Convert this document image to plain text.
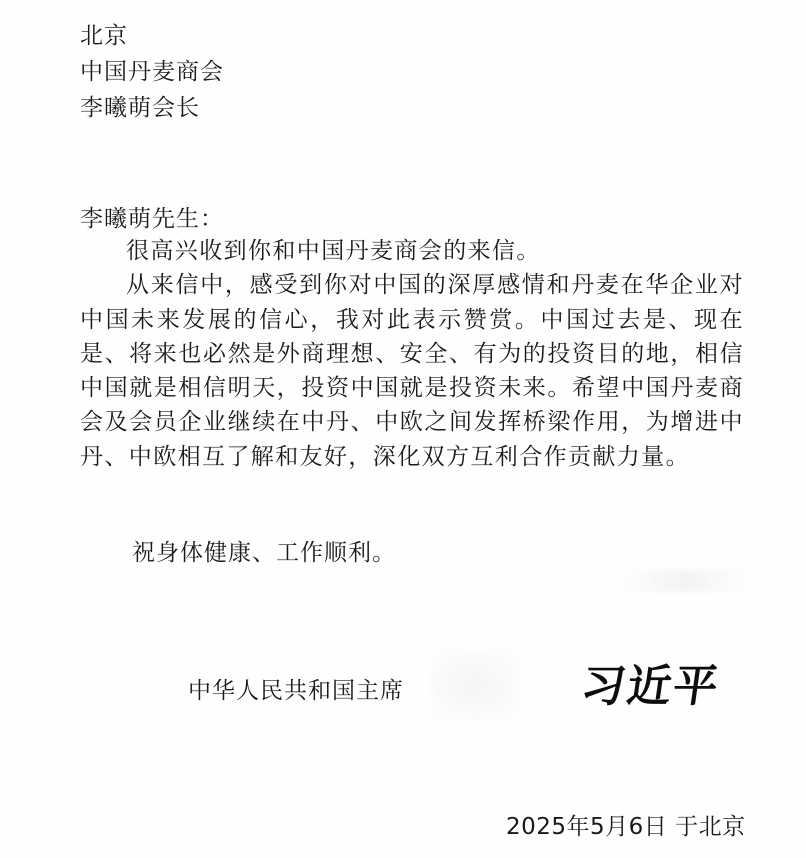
北京
中国丹麦商会
李曦萌会长
李曦萌先生：

很高兴收到你和中国丹麦商会的来信。

从来信中，感受到你对中国的深厚感情和丹麦在华企业对中国未来发展的信心，我对此表示赞赏。中国过去是、现在是、将来也必然是外商理想、安全、有为的投资目的地，相信中国就是相信明天，投资中国就是投资未来。希望中国丹麦商会及会员企业继续在中丹、中欧之间发挥桥梁作用，为增进中丹、中欧相互了解和友好，深化双方互利合作贡献力量。

祝身体健康、工作顺利。
中华人民共和国主席	习近平
2025年5月6日 于北京
